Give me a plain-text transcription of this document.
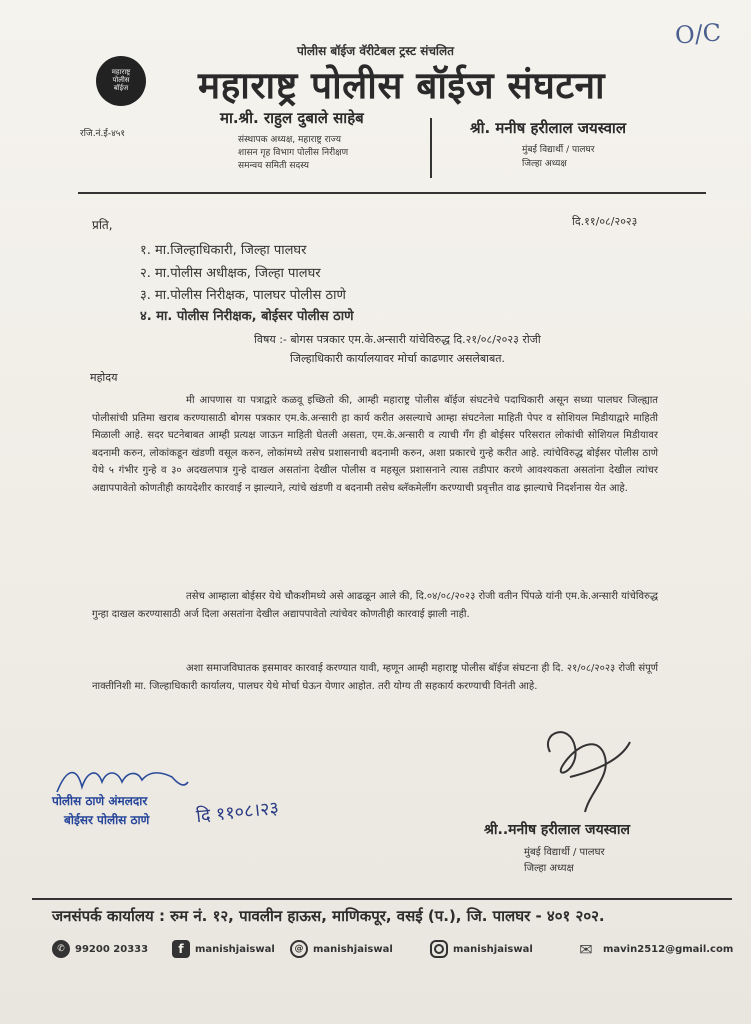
O/C
पोलीस बॉईज वॅरीटेबल ट्रस्ट संचलित
महाराष्ट्र
पोलीस
बॉईज महाराष्ट्र पोलीस बॉईज संघटना
रजि.नं.ई-४५१
मा.श्री. राहुल दुबाले साहेब
संस्थापक अध्यक्ष, महाराष्ट्र राज्य
शासन गृह विभाग पोलीस निरीक्षण
समन्वय समिती सदस्य
श्री. मनीष हरीलाल जयस्वाल
मुंबई विद्यार्थी / पालघर
जिल्हा अध्यक्ष
प्रति,	दि.११/०८/२०२३
१. मा.जिल्हाधिकारी, जिल्हा पालघर
२. मा.पोलीस अधीक्षक, जिल्हा पालघर
३. मा.पोलीस निरीक्षक, पालघर पोलीस ठाणे
४. मा. पोलीस निरीक्षक, बोईसर पोलीस ठाणे
विषय :- बोगस पत्रकार एम.के.अन्सारी यांचेविरुद्ध दि.२१/०८/२०२३ रोजी
जिल्हाधिकारी कार्यालयावर मोर्चा काढणार असलेबाबत.
महोदय
मी आपणास या पत्राद्वारे कळवू इच्छितो की, आम्ही महाराष्ट्र पोलीस बॉईज संघटनेचे पदाधिकारी असून सध्या पालघर जिल्ह्यात पोलीसांची प्रतिमा खराब करण्यासाठी बोगस पत्रकार एम.के.अन्सारी हा कार्य करीत असल्याचे आम्हा संघटनेला माहिती पेपर व सोशियल मिडीयाद्वारे माहिती मिळाली आहे. सदर घटनेबाबत आम्ही प्रत्यक्ष जाऊन माहिती घेतली असता, एम.के.अन्सारी व त्याची गँग ही बोईसर परिसरात लोकांची सोशियल मिडीयावर बदनामी करुन, लोकांकडून खंडणी वसूल करुन, लोकांमध्ये तसेच प्रशासनाची बदनामी करुन, अशा प्रकारचे गुन्हे करीत आहे. त्यांचेविरुद्ध बोईसर पोलीस ठाणे येथे ५ गंभीर गुन्हे व ३० अदखलपात्र गुन्हे दाखल असतांना देखील पोलीस व महसूल प्रशासनाने त्यास तडीपार करणे आवश्यकता असतांना देखील त्यांचर अद्यापपावेतो कोणतीही कायदेशीर कारवाई न झाल्याने, त्यांचे खंडणी व बदनामी तसेच ब्लॅकमेलींग करण्याची प्रवृत्तीत वाढ झाल्याचे निदर्शनास येत आहे.
तसेच आम्हाला बोईसर येथे चौकशीमध्ये असे आढळून आले की, दि.०४/०८/२०२३ रोजी वतीन पिंपळे यांनी एम.के.अन्सारी यांचेविरुद्ध गुन्हा दाखल करण्यासाठी अर्ज दिला असतांना देखील अद्यापपावेतो त्यांचेवर कोणतीही कारवाई झाली नाही.
अशा समाजविघातक इसमावर कारवाई करण्यात यावी, म्हणून आम्ही महाराष्ट्र पोलीस बॉईज संघटना ही दि. २१/०८/२०२३ रोजी संपूर्ण नाक्तीनिशी मा. जिल्हाधिकारी कार्यालय, पालघर येथे मोर्चा घेऊन येणार आहोत. तरी योग्य ती सहकार्य करण्याची विनंती आहे.
पोलीस ठाणे अंमलदार
बोईसर पोलीस ठाणे	दि ११०८।२३
श्री..मनीष हरीलाल जयस्वाल
मुंबई विद्यार्थी / पालघर
जिल्हा अध्यक्ष
जनसंपर्क कार्यालय : रुम नं. १२, पावलीन हाऊस, माणिकपूर, वसई (प.), जि. पालघर - ४०१ २०२.
✆	99200 20333	f	manishjaiswal	@ manishjaiswal	manishjaiswal	✉	mavin2512@gmail.com
